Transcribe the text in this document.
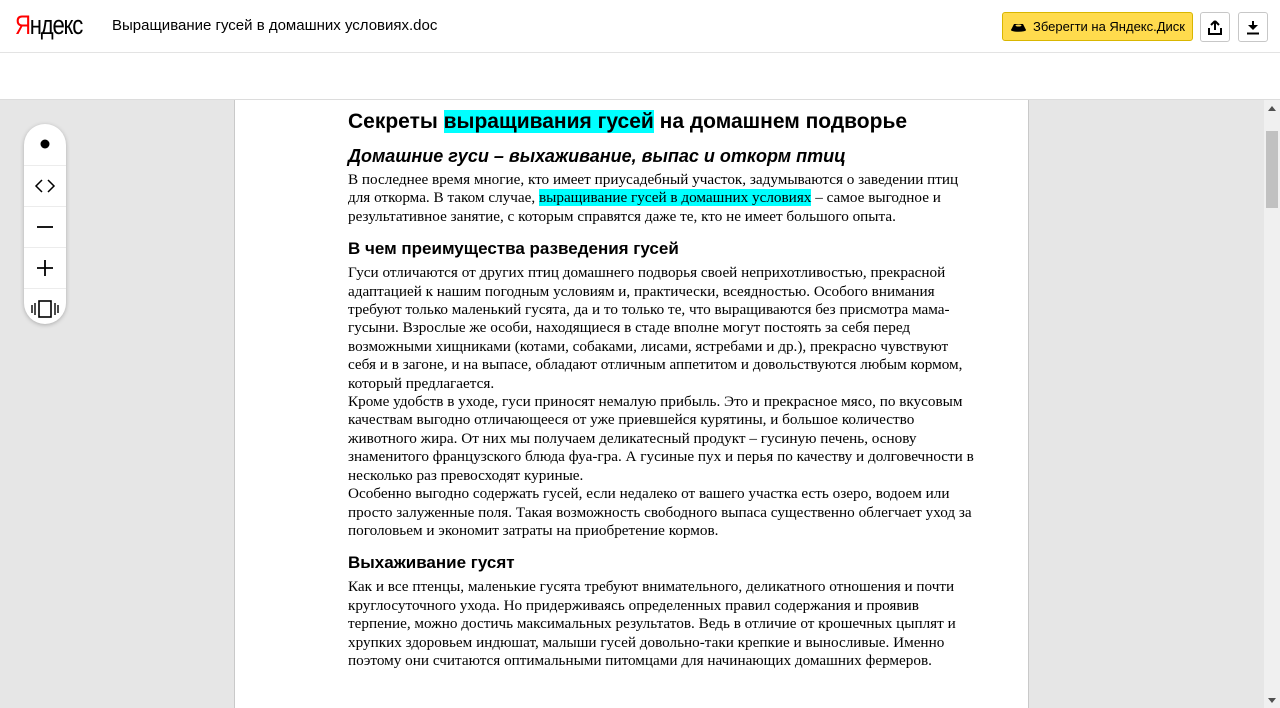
Яндекс Выращивание гусей в домашних условиях.doc	Зберегти на Яндекс.Диск
Секреты выращивания гусей на домашнем подворье
Домашние гуси – выхаживание, выпас и откорм птиц
В последнее время многие, кто имеет приусадебный участок, задумываются о заведении птиц для откорма. В таком случае, выращивание гусей в домашних условиях – самое выгодное и результативное занятие, с которым справятся даже те, кто не имеет большого опыта.
В чем преимущества разведения гусей
Гуси отличаются от других птиц домашнего подворья своей неприхотливостью, прекрасной адаптацией к нашим погодным условиям и, практически, всеядностью. Особого внимания требуют только маленький гусята, да и то только те, что выращиваются без присмотра мама-гусыни. Взрослые же особи, находящиеся в стаде вполне могут постоять за себя перед возможными хищниками (котами, собаками, лисами, ястребами и др.), прекрасно чувствуют себя и в загоне, и на выпасе, обладают отличным аппетитом и довольствуются любым кормом, который предлагается.
Кроме удобств в уходе, гуси приносят немалую прибыль. Это и прекрасное мясо, по вкусовым качествам выгодно отличающееся от уже приевшейся курятины, и большое количество животного жира. От них мы получаем деликатесный продукт – гусиную печень, основу знаменитого французского блюда фуа-гра. А гусиные пух и перья по качеству и долговечности в несколько раз превосходят куриные.
Особенно выгодно содержать гусей, если недалеко от вашего участка есть озеро, водоем или просто залуженные поля. Такая возможность свободного выпаса существенно облегчает уход за поголовьем и экономит затраты на приобретение кормов.
Выхаживание гусят
Как и все птенцы, маленькие гусята требуют внимательного, деликатного отношения и почти круглосуточного ухода. Но придерживаясь определенных правил содержания и проявив терпение, можно достичь максимальных результатов. Ведь в отличие от крошечных цыплят и хрупких здоровьем индюшат, малыши гусей довольно-таки крепкие и выносливые. Именно поэтому они считаются оптимальными питомцами для начинающих домашних фермеров.
